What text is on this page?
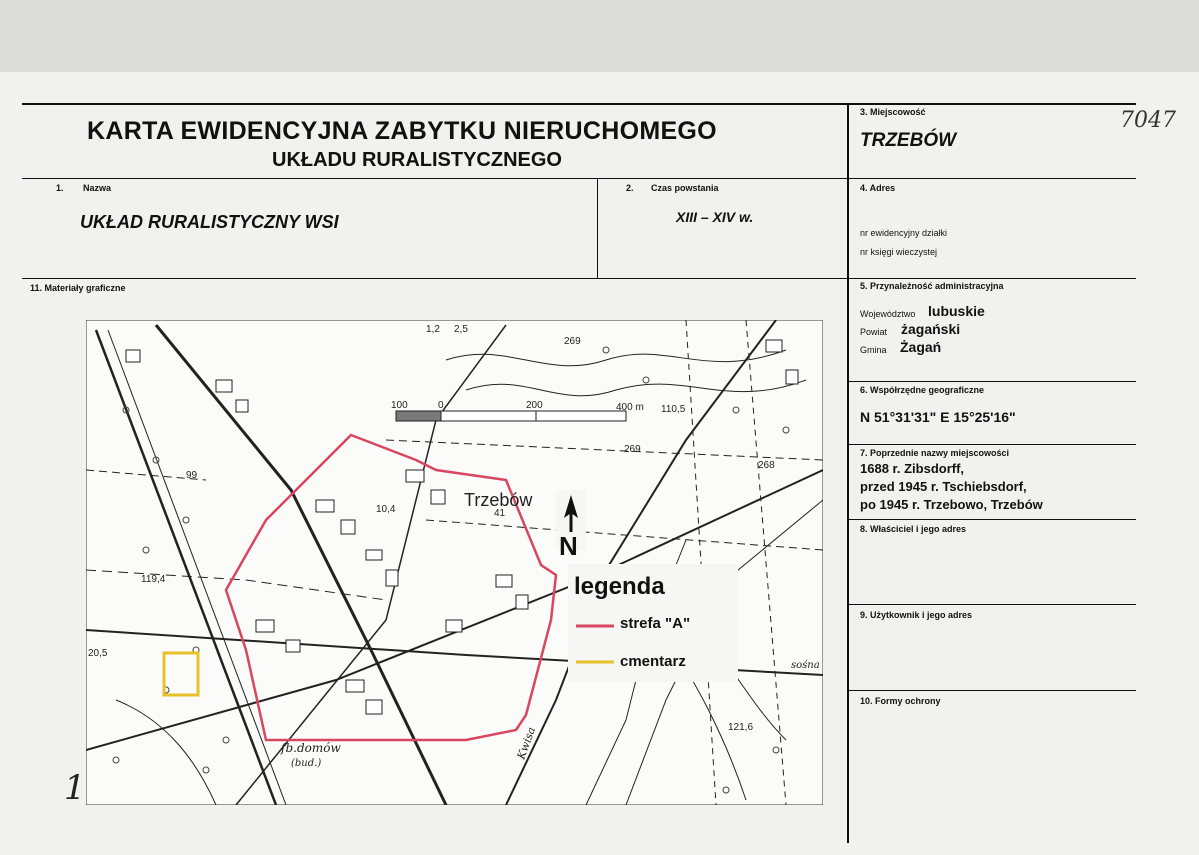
7047
1
KARTA EWIDENCYJNA ZABYTKU NIERUCHOMEGO
UKŁADU RURALISTYCZNEGO
3. Miejscowość
TRZEBÓW
1. Nazwa
UKŁAD RURALISTYCZNY WSI
2. Czas powstania
XIII – XIV w.
4. Adres
nr ewidencyjny działki
nr księgi wieczystej
11. Materiały graficzne	5. Przynależność administracyjna
Województwo lubuskie
Powiat żagański
Gmina Żagań
6. Współrzędne geograficzne
N 51°31'31" E 15°25'16"
7. Poprzednie nazwy miejscowości
1688 r. Zibsdorff,
przed 1945 r. Tschiebsdorf,
po 1945 r. Trzebowo, Trzebów
8. Właściciel i jego adres
9. Użytkownik i jego adres
10. Formy ochrony
100	0	200	400 m
1,2 2,5
269
110,5
269
268
119,4
20,5
121,6
99
10,4	41
Trzebów
fb.domów
(bud.)
Kwisa
sośna
N
legenda
strefa "A"
cmentarz
